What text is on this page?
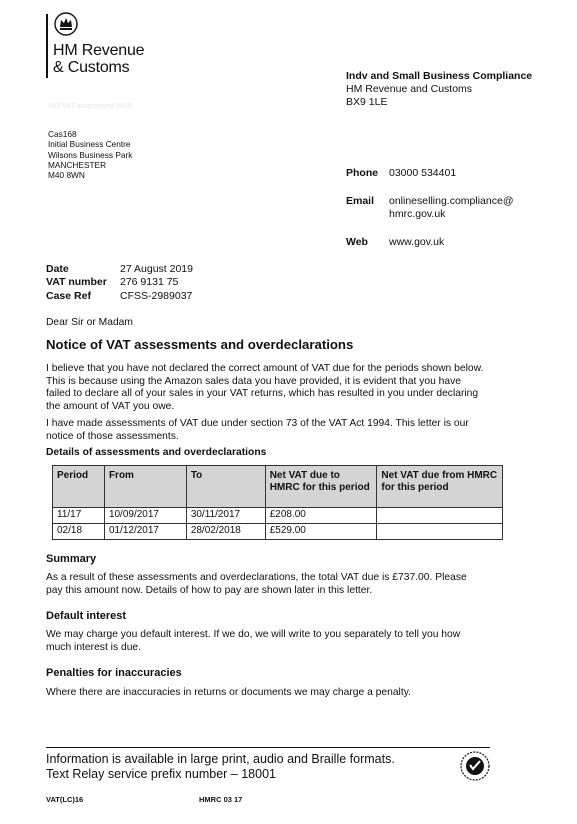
HM Revenue
& Customs
VAT VAT assessment 2019
Indv and Small Business Compliance
HM Revenue and Customs
BX9 1LE
Cas168
Initial Business Centre
Wilsons Business Park
MANCHESTER
M40 8WN	Phone 03000 534401
Email onlineselling.compliance@
hmrc.gov.uk
Web www.gov.uk
Date	27 August 2019
VAT number 276 9131 75
Case Ref	CFSS-2989037
Dear Sir or Madam
Notice of VAT assessments and overdeclarations
I believe that you have not declared the correct amount of VAT due for the periods shown below. This is because using the Amazon sales data you have provided, it is evident that you have failed to declare all of your sales in your VAT returns, which has resulted in you under declaring the amount of VAT you owe.
I have made assessments of VAT due under section 73 of the VAT Act 1994. This letter is our notice of those assessments.
Details of assessments and overdeclarations
Period	From	To	Net VAT due to HMRC for this period	Net VAT due from HMRC for this period
11/17	10/09/2017	30/11/2017	£208.00	
02/18	01/12/2017	28/02/2018	£529.00	
Summary
As a result of these assessments and overdeclarations, the total VAT due is £737.00. Please pay this amount now. Details of how to pay are shown later in this letter.
Default interest
We may charge you default interest. If we do, we will write to you separately to tell you how much interest is due.
Penalties for inaccuracies
Where there are inaccuracies in returns or documents we may charge a penalty.
Information is available in large print, audio and Braille formats.
Text Relay service prefix number – 18001
VAT(LC)16	HMRC 03 17
